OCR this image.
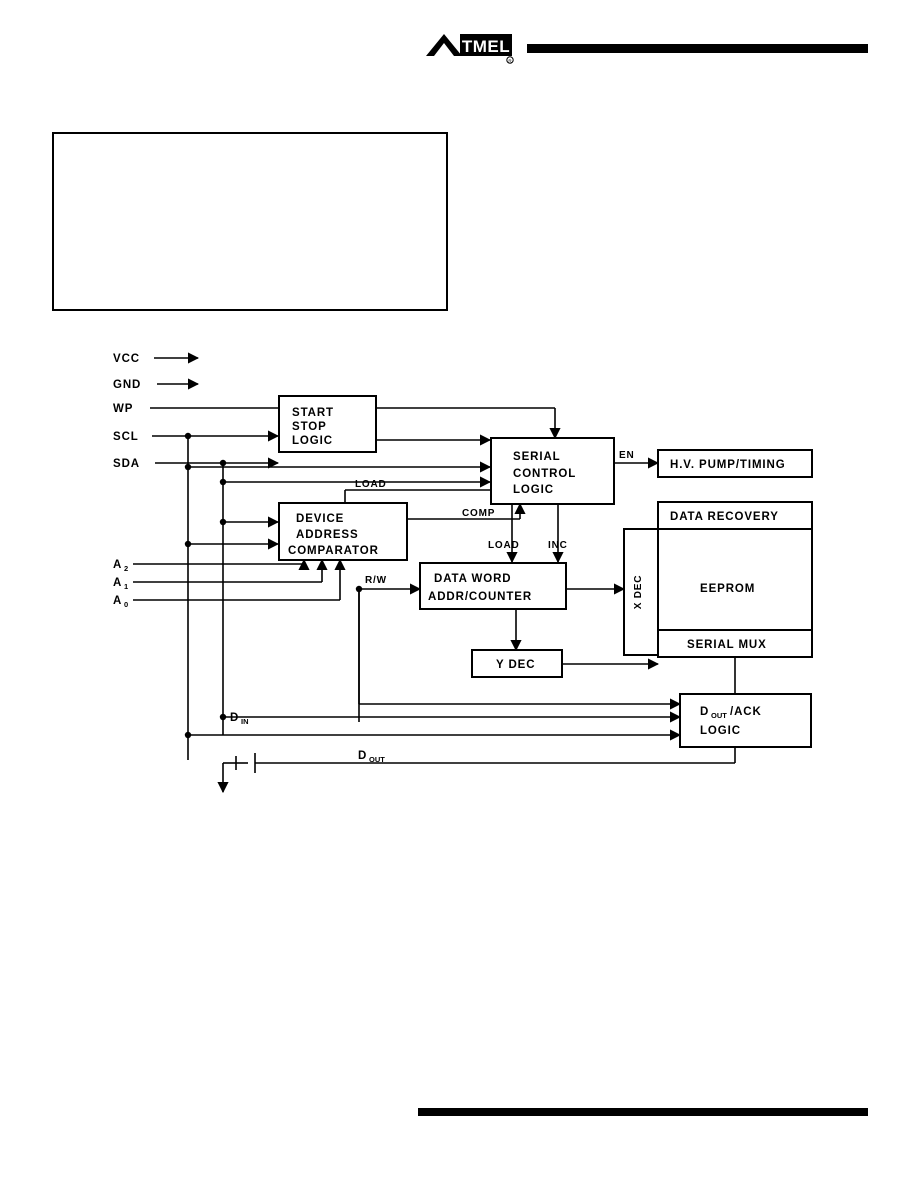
TMEL
R
VCC
GND
WP
SCL
SDA
START
STOP
LOGIC
SERIAL
CONTROL
LOGIC
EN
LOAD
COMP
LOAD	INC
H.V. PUMP/TIMING
DATA RECOVERY
EEPROM
X DEC
SERIAL MUX
DEVICE
ADDRESS
COMPARATOR
A 2
A 1
A 0
DATA WORD
ADDR/COUNTER
R/W
Y DEC
D OUT /ACK
LOGIC
D IN
D OUT
